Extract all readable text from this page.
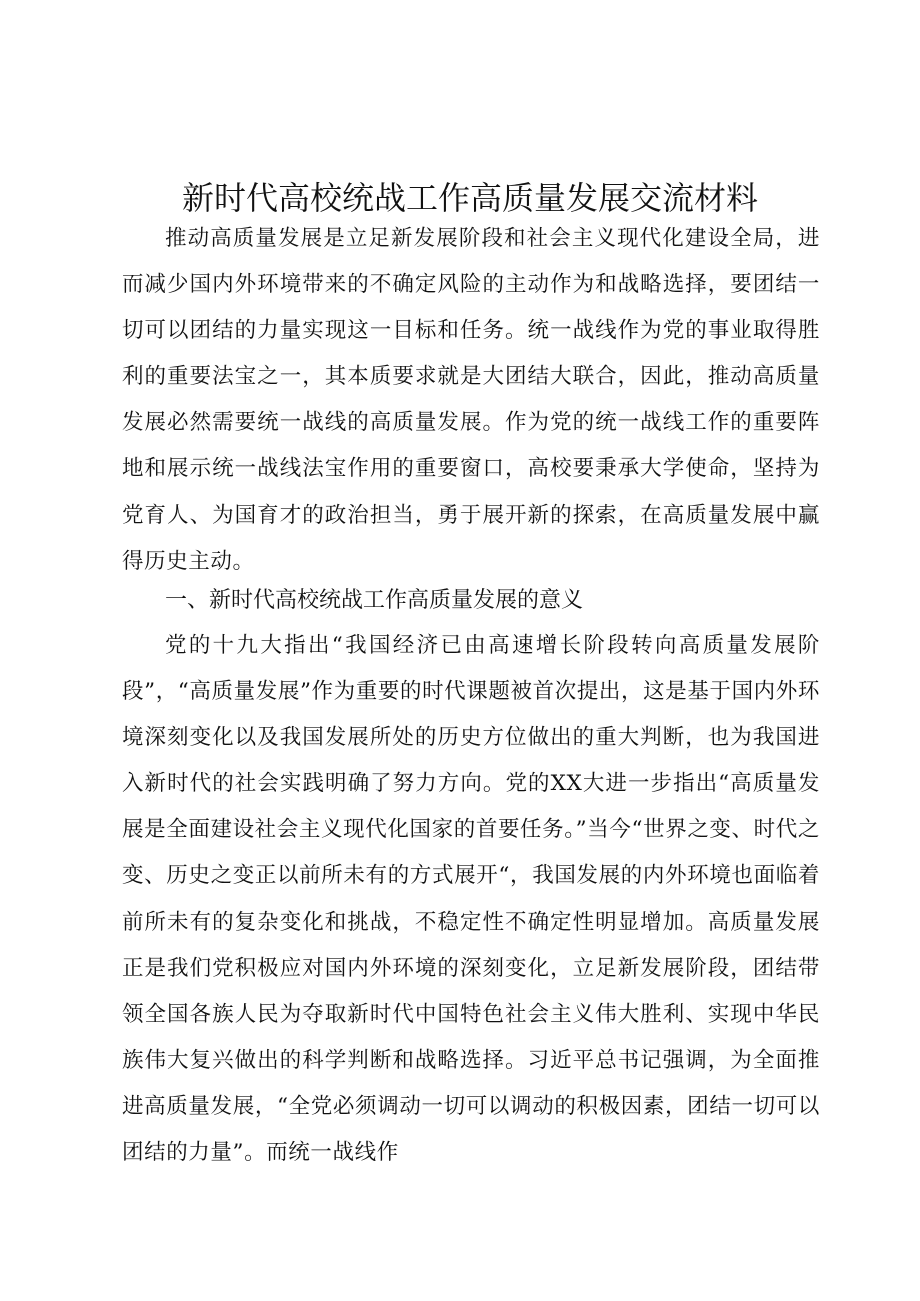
新时代高校统战工作高质量发展交流材料

推动高质量发展是立足新发展阶段和社会主义现代化建设全局，进而减少国内外环境带来的不确定风险的主动作为和战略选择，要团结一切可以团结的力量实现这一目标和任务。统一战线作为党的事业取得胜利的重要法宝之一，其本质要求就是大团结大联合，因此，推动高质量发展必然需要统一战线的高质量发展。作为党的统一战线工作的重要阵地和展示统一战线法宝作用的重要窗口，高校要秉承大学使命，坚持为党育人、为国育才的政治担当，勇于展开新的探索，在高质量发展中赢得历史主动。

一、新时代高校统战工作高质量发展的意义

党的十九大指出“我国经济已由高速增长阶段转向高质量发展阶段”，“高质量发展”作为重要的时代课题被首次提出，这是基于国内外环境深刻变化以及我国发展所处的历史方位做出的重大判断，也为我国进入新时代的社会实践明确了努力方向。党的XX大进一步指出“高质量发展是全面建设社会主义现代化国家的首要任务。”当今“世界之变、时代之变、历史之变正以前所未有的方式展开“，我国发展的内外环境也面临着前所未有的复杂变化和挑战，不稳定性不确定性明显增加。高质量发展正是我们党积极应对国内外环境的深刻变化，立足新发展阶段，团结带领全国各族人民为夺取新时代中国特色社会主义伟大胜利、实现中华民族伟大复兴做出的科学判断和战略选择。习近平总书记强调，为全面推进高质量发展，“全党必须调动一切可以调动的积极因素，团结一切可以团结的力量”。而统一战线作
